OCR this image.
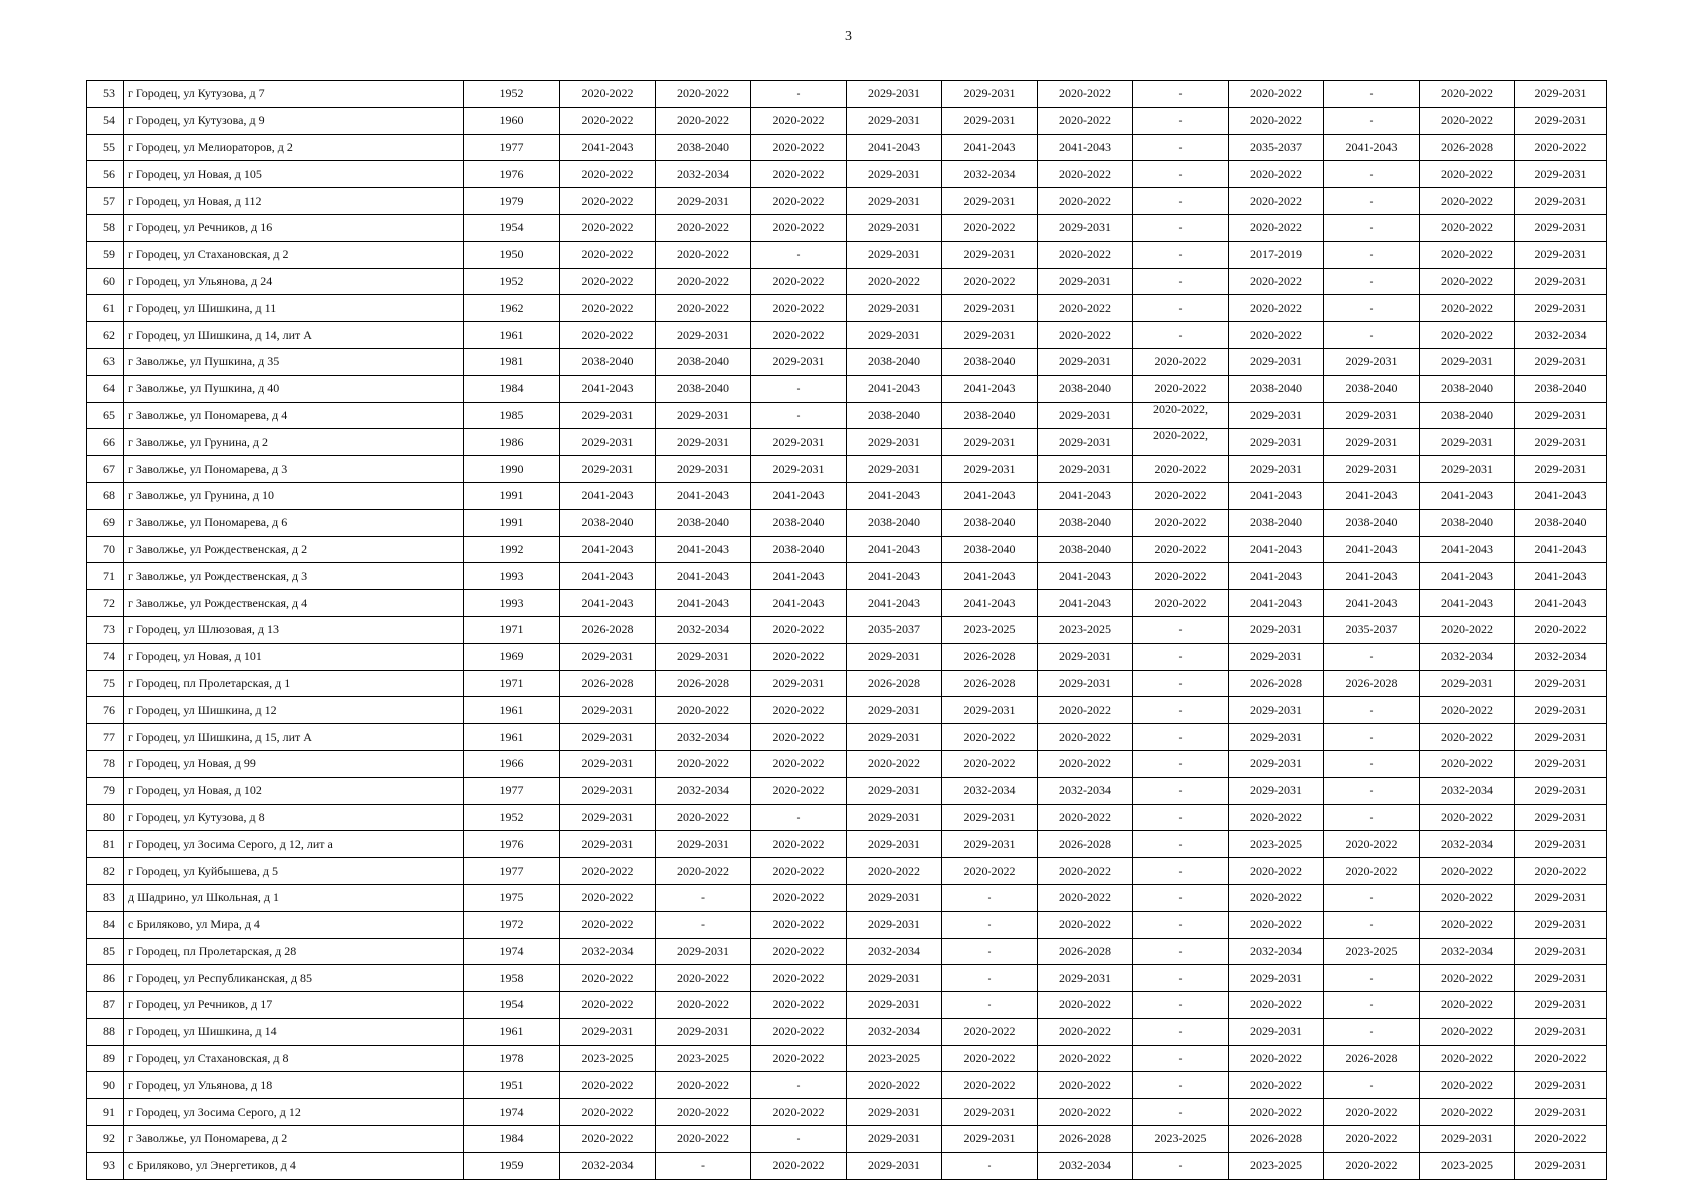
3
53	г Городец, ул Кутузова, д 7	1952	2020-2022	2020-2022	-	2029-2031	2029-2031	2020-2022	-	2020-2022	-	2020-2022	2029-2031
54	г Городец, ул Кутузова, д 9	1960	2020-2022	2020-2022	2020-2022	2029-2031	2029-2031	2020-2022	-	2020-2022	-	2020-2022	2029-2031
55	г Городец, ул Мелиораторов, д 2	1977	2041-2043	2038-2040	2020-2022	2041-2043	2041-2043	2041-2043	-	2035-2037	2041-2043	2026-2028	2020-2022
56	г Городец, ул Новая, д 105	1976	2020-2022	2032-2034	2020-2022	2029-2031	2032-2034	2020-2022	-	2020-2022	-	2020-2022	2029-2031
57	г Городец, ул Новая, д 112	1979	2020-2022	2029-2031	2020-2022	2029-2031	2029-2031	2020-2022	-	2020-2022	-	2020-2022	2029-2031
58	г Городец, ул Речников, д 16	1954	2020-2022	2020-2022	2020-2022	2029-2031	2020-2022	2029-2031	-	2020-2022	-	2020-2022	2029-2031
59	г Городец, ул Стахановская, д 2	1950	2020-2022	2020-2022	-	2029-2031	2029-2031	2020-2022	-	2017-2019	-	2020-2022	2029-2031
60	г Городец, ул Ульянова, д 24	1952	2020-2022	2020-2022	2020-2022	2020-2022	2020-2022	2029-2031	-	2020-2022	-	2020-2022	2029-2031
61	г Городец, ул Шишкина, д 11	1962	2020-2022	2020-2022	2020-2022	2029-2031	2029-2031	2020-2022	-	2020-2022	-	2020-2022	2029-2031
62	г Городец, ул Шишкина, д 14, лит А	1961	2020-2022	2029-2031	2020-2022	2029-2031	2029-2031	2020-2022	-	2020-2022	-	2020-2022	2032-2034
63	г Заволжье, ул Пушкина, д 35	1981	2038-2040	2038-2040	2029-2031	2038-2040	2038-2040	2029-2031	2020-2022	2029-2031	2029-2031	2029-2031	2029-2031
64	г Заволжье, ул Пушкина, д 40	1984	2041-2043	2038-2040	-	2041-2043	2041-2043	2038-2040	2020-2022	2038-2040	2038-2040	2038-2040	2038-2040
65	г Заволжье, ул Пономарева, д 4	1985	2029-2031	2029-2031	-	2038-2040	2038-2040	2029-2031	2020-2022,	2029-2031	2029-2031	2038-2040	2029-2031
66	г Заволжье, ул Грунина, д 2	1986	2029-2031	2029-2031	2029-2031	2029-2031	2029-2031	2029-2031	2020-2022,	2029-2031	2029-2031	2029-2031	2029-2031
67	г Заволжье, ул Пономарева, д 3	1990	2029-2031	2029-2031	2029-2031	2029-2031	2029-2031	2029-2031	2020-2022	2029-2031	2029-2031	2029-2031	2029-2031
68	г Заволжье, ул Грунина, д 10	1991	2041-2043	2041-2043	2041-2043	2041-2043	2041-2043	2041-2043	2020-2022	2041-2043	2041-2043	2041-2043	2041-2043
69	г Заволжье, ул Пономарева, д 6	1991	2038-2040	2038-2040	2038-2040	2038-2040	2038-2040	2038-2040	2020-2022	2038-2040	2038-2040	2038-2040	2038-2040
70	г Заволжье, ул Рождественская, д 2	1992	2041-2043	2041-2043	2038-2040	2041-2043	2038-2040	2038-2040	2020-2022	2041-2043	2041-2043	2041-2043	2041-2043
71	г Заволжье, ул Рождественская, д 3	1993	2041-2043	2041-2043	2041-2043	2041-2043	2041-2043	2041-2043	2020-2022	2041-2043	2041-2043	2041-2043	2041-2043
72	г Заволжье, ул Рождественская, д 4	1993	2041-2043	2041-2043	2041-2043	2041-2043	2041-2043	2041-2043	2020-2022	2041-2043	2041-2043	2041-2043	2041-2043
73	г Городец, ул Шлюзовая, д 13	1971	2026-2028	2032-2034	2020-2022	2035-2037	2023-2025	2023-2025	-	2029-2031	2035-2037	2020-2022	2020-2022
74	г Городец, ул Новая, д 101	1969	2029-2031	2029-2031	2020-2022	2029-2031	2026-2028	2029-2031	-	2029-2031	-	2032-2034	2032-2034
75	г Городец, пл Пролетарская, д 1	1971	2026-2028	2026-2028	2029-2031	2026-2028	2026-2028	2029-2031	-	2026-2028	2026-2028	2029-2031	2029-2031
76	г Городец, ул Шишкина, д 12	1961	2029-2031	2020-2022	2020-2022	2029-2031	2029-2031	2020-2022	-	2029-2031	-	2020-2022	2029-2031
77	г Городец, ул Шишкина, д 15, лит А	1961	2029-2031	2032-2034	2020-2022	2029-2031	2020-2022	2020-2022	-	2029-2031	-	2020-2022	2029-2031
78	г Городец, ул Новая, д 99	1966	2029-2031	2020-2022	2020-2022	2020-2022	2020-2022	2020-2022	-	2029-2031	-	2020-2022	2029-2031
79	г Городец, ул Новая, д 102	1977	2029-2031	2032-2034	2020-2022	2029-2031	2032-2034	2032-2034	-	2029-2031	-	2032-2034	2029-2031
80	г Городец, ул Кутузова, д 8	1952	2029-2031	2020-2022	-	2029-2031	2029-2031	2020-2022	-	2020-2022	-	2020-2022	2029-2031
81	г Городец, ул Зосима Серого, д 12, лит а	1976	2029-2031	2029-2031	2020-2022	2029-2031	2029-2031	2026-2028	-	2023-2025	2020-2022	2032-2034	2029-2031
82	г Городец, ул Куйбышева, д 5	1977	2020-2022	2020-2022	2020-2022	2020-2022	2020-2022	2020-2022	-	2020-2022	2020-2022	2020-2022	2020-2022
83	д Шадрино, ул Школьная, д 1	1975	2020-2022	-	2020-2022	2029-2031	-	2020-2022	-	2020-2022	-	2020-2022	2029-2031
84	с Бриляково, ул Мира, д 4	1972	2020-2022	-	2020-2022	2029-2031	-	2020-2022	-	2020-2022	-	2020-2022	2029-2031
85	г Городец, пл Пролетарская, д 28	1974	2032-2034	2029-2031	2020-2022	2032-2034	-	2026-2028	-	2032-2034	2023-2025	2032-2034	2029-2031
86	г Городец, ул Республиканская, д 85	1958	2020-2022	2020-2022	2020-2022	2029-2031	-	2029-2031	-	2029-2031	-	2020-2022	2029-2031
87	г Городец, ул Речников, д 17	1954	2020-2022	2020-2022	2020-2022	2029-2031	-	2020-2022	-	2020-2022	-	2020-2022	2029-2031
88	г Городец, ул Шишкина, д 14	1961	2029-2031	2029-2031	2020-2022	2032-2034	2020-2022	2020-2022	-	2029-2031	-	2020-2022	2029-2031
89	г Городец, ул Стахановская, д 8	1978	2023-2025	2023-2025	2020-2022	2023-2025	2020-2022	2020-2022	-	2020-2022	2026-2028	2020-2022	2020-2022
90	г Городец, ул Ульянова, д 18	1951	2020-2022	2020-2022	-	2020-2022	2020-2022	2020-2022	-	2020-2022	-	2020-2022	2029-2031
91	г Городец, ул Зосима Серого, д 12	1974	2020-2022	2020-2022	2020-2022	2029-2031	2029-2031	2020-2022	-	2020-2022	2020-2022	2020-2022	2029-2031
92	г Заволжье, ул Пономарева, д 2	1984	2020-2022	2020-2022	-	2029-2031	2029-2031	2026-2028	2023-2025	2026-2028	2020-2022	2029-2031	2020-2022
93	с Бриляково, ул Энергетиков, д 4	1959	2032-2034	-	2020-2022	2029-2031	-	2032-2034	-	2023-2025	2020-2022	2023-2025	2029-2031
